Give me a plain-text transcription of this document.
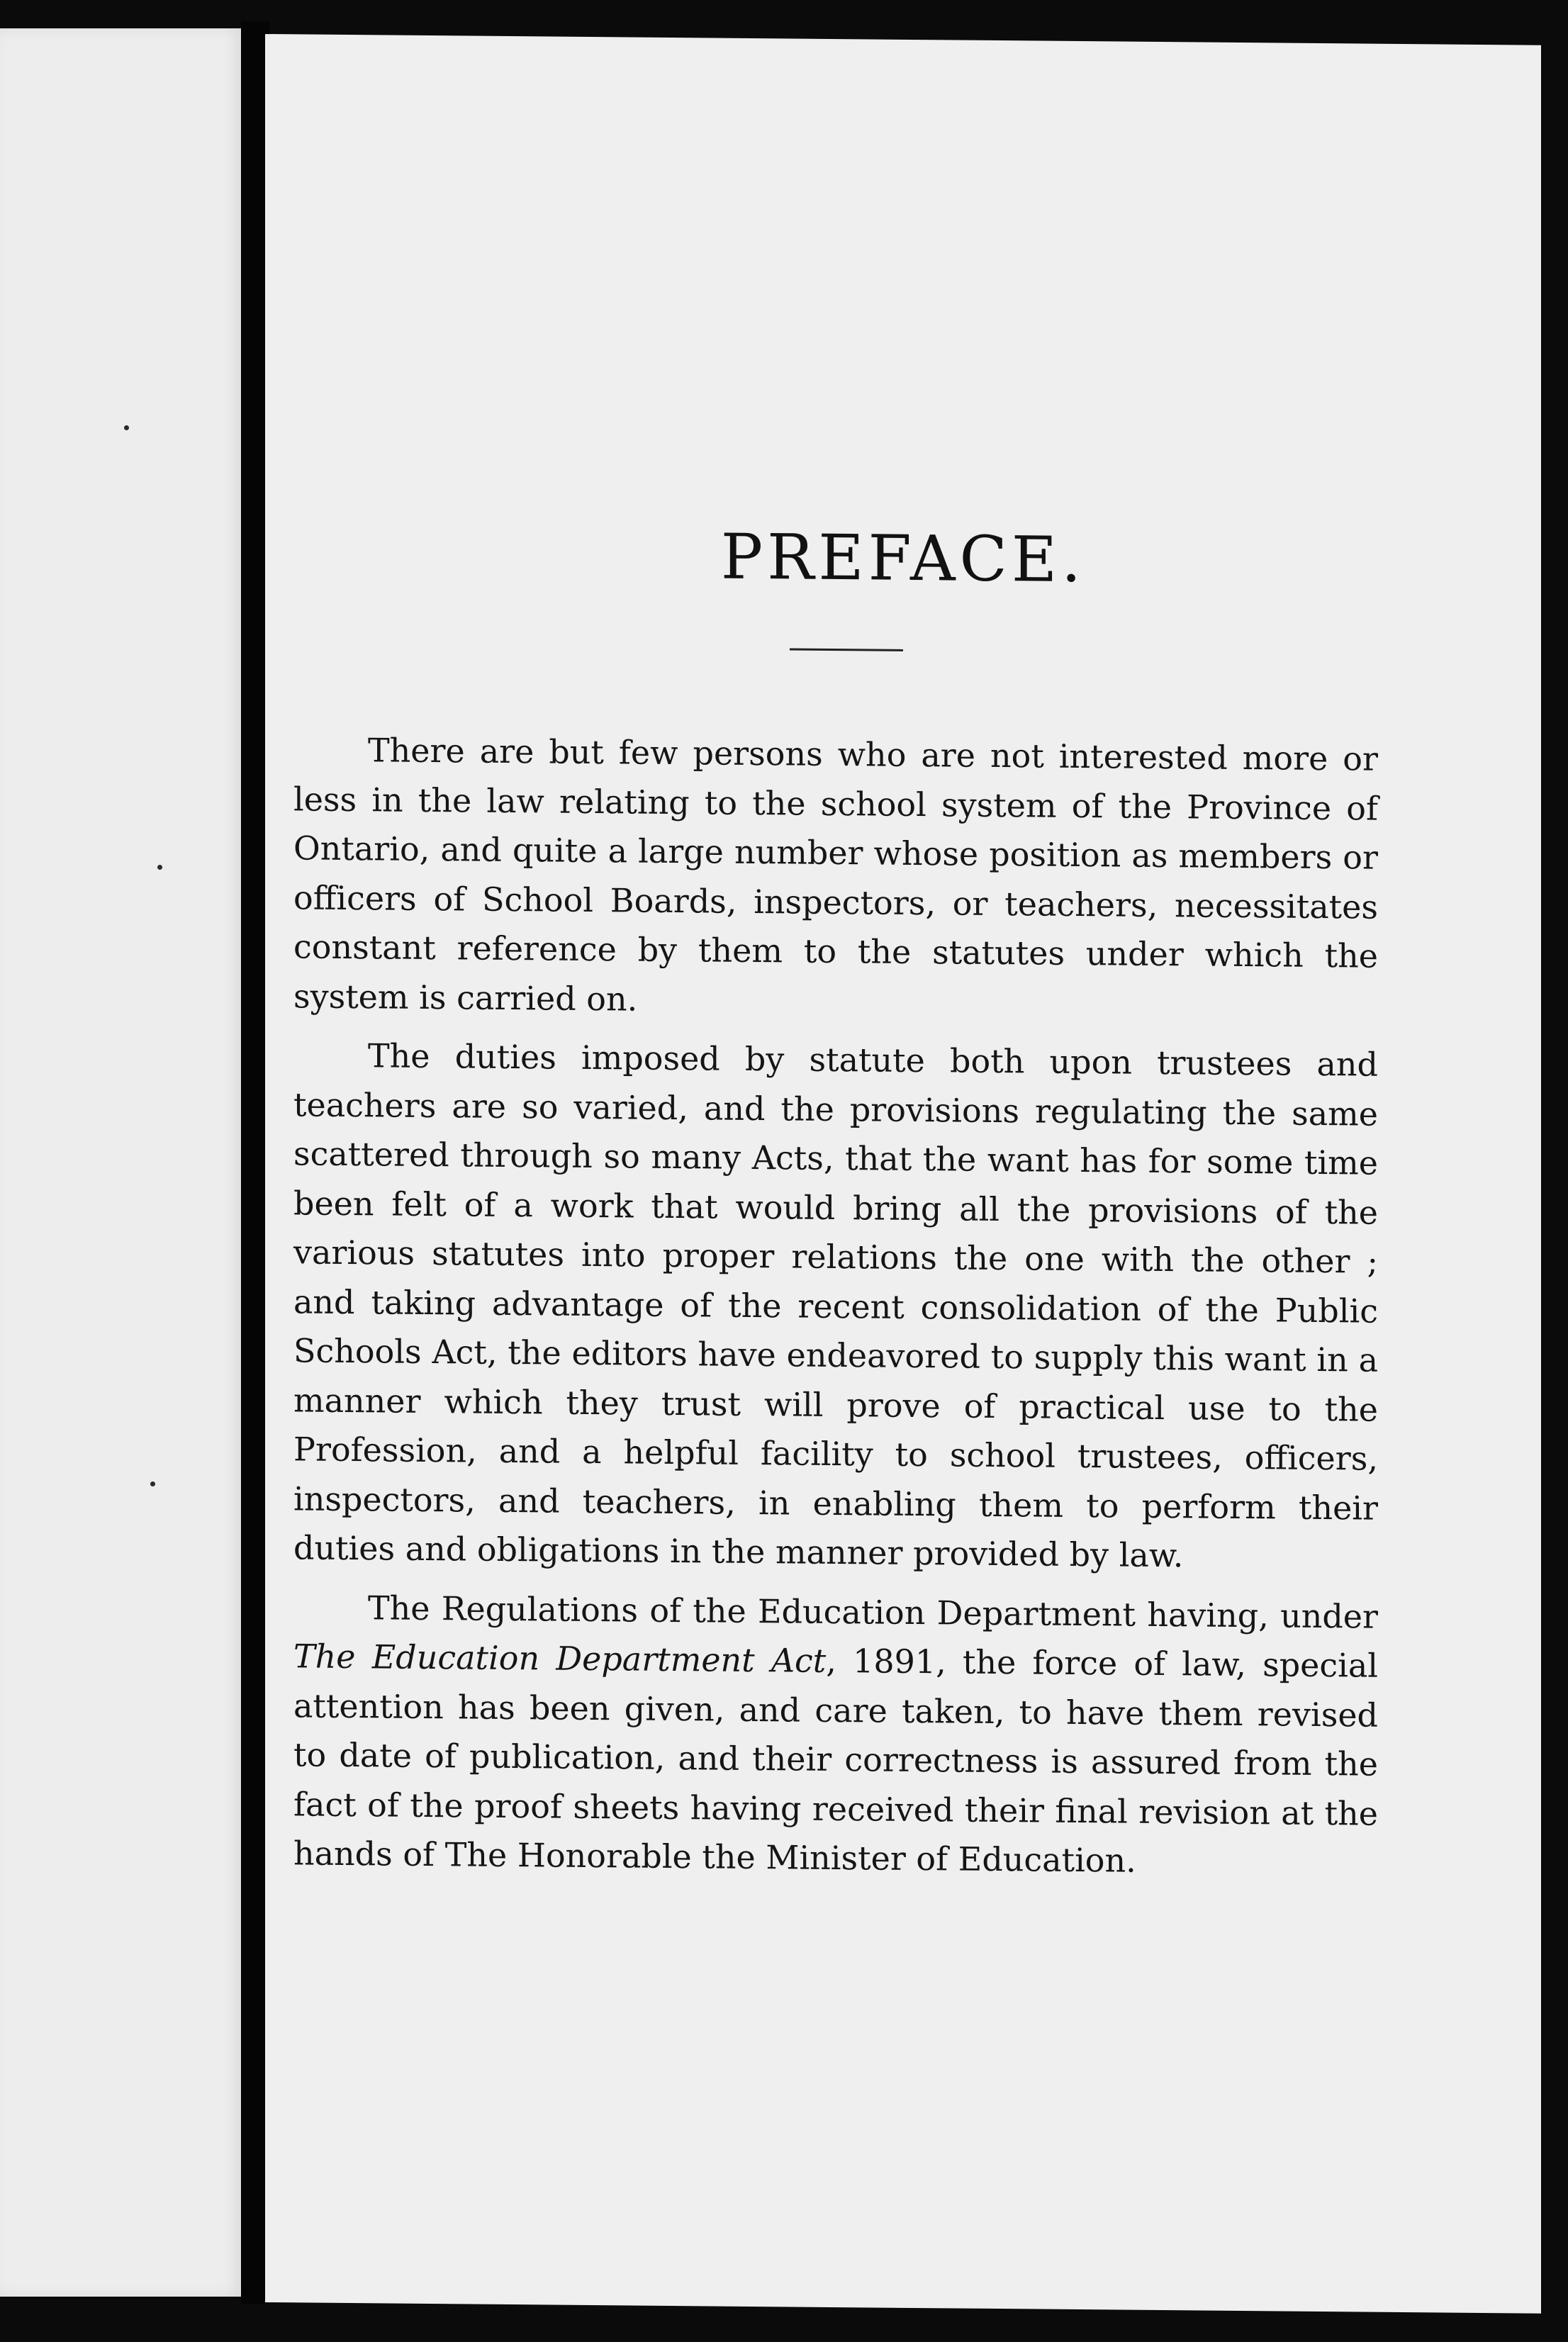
PREFACE.

There are but few persons who are not interested more or less in the law relating to the school system of the Province of Ontario, and quite a large number whose position as members or officers of School Boards, inspectors, or teachers, necessitates constant reference by them to the statutes under which the system is carried on.

The duties imposed by statute both upon trustees and teachers are so varied, and the provisions regulating the same scattered through so many Acts, that the want has for some time been felt of a work that would bring all the provisions of the various statutes into proper relations the one with the other ; and taking advantage of the recent consolidation of the Public Schools Act, the editors have endeavored to supply this want in a manner which they trust will prove of practical use to the Profession, and a helpful facility to school trustees, officers, inspectors, and teachers, in enabling them to perform their duties and obligations in the manner provided by law.

The Regulations of the Education Department having, under The Education Department Act, 1891, the force of law, special attention has been given, and care taken, to have them revised to date of publication, and their correctness is assured from the fact of the proof sheets having received their final revision at the hands of The Honorable the Minister of Education.
